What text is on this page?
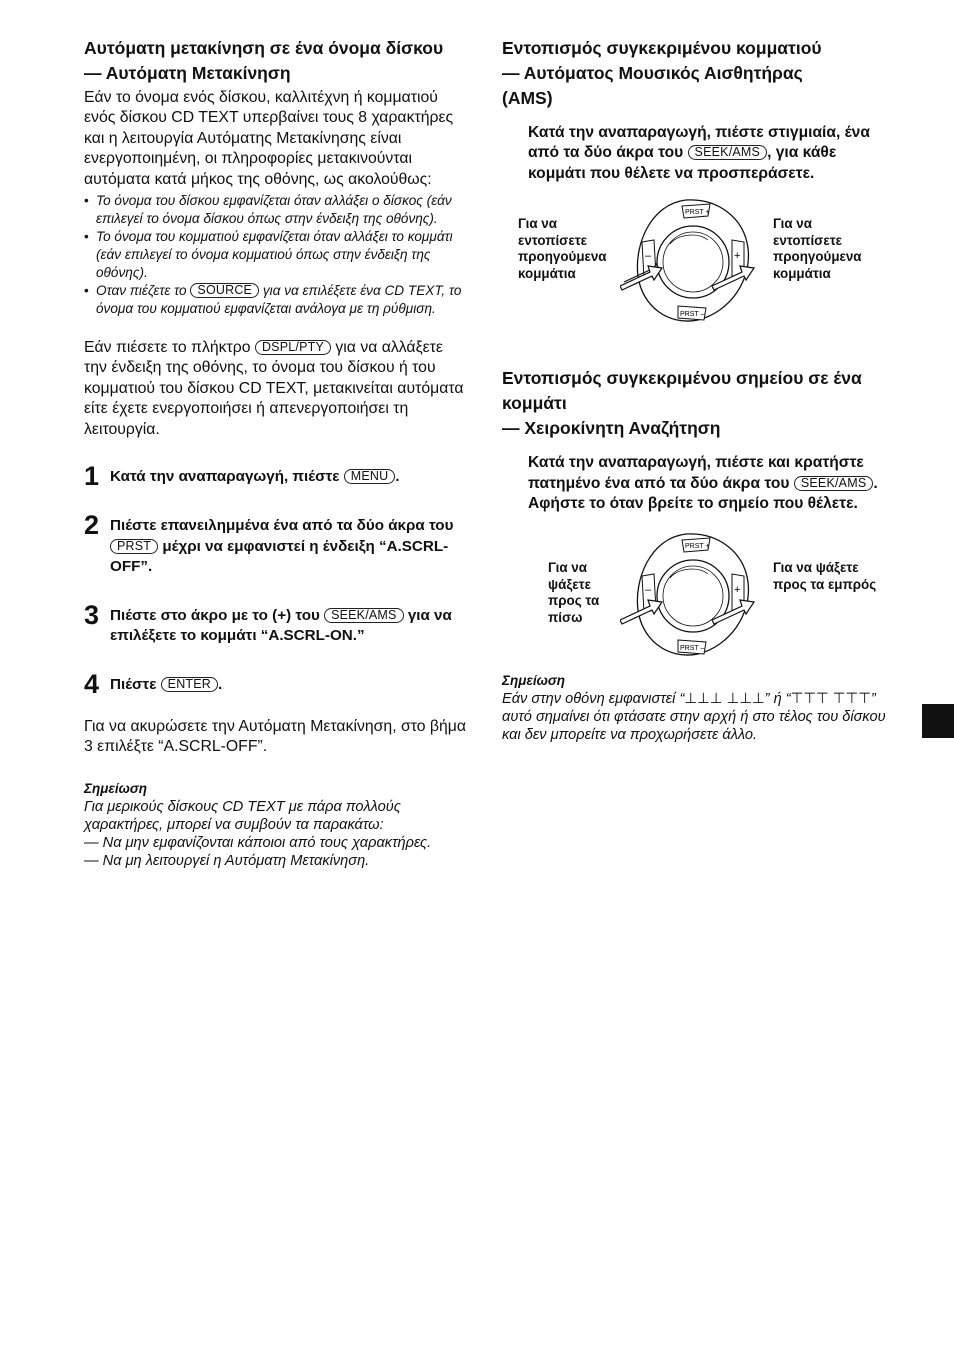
Αυτόματη μετακίνηση σε ένα όνομα δίσκου
— Αυτόματη Μετακίνηση

Εάν το όνομα ενός δίσκου, καλλιτέχνη ή κομματιού ενός δίσκου CD TEXT υπερβαίνει τους 8 χαρακτήρες και η λειτουργία Αυτόματης Μετακίνησης είναι ενεργοποιημένη, οι πληροφορίες μετακινούνται αυτόματα κατά μήκος της οθόνης, ως ακολούθως:

• Το όνομα του δίσκου εμφανίζεται όταν αλλάξει ο δίσκος (εάν επιλεγεί το όνομα δίσκου όπως στην ένδειξη της οθόνης).
• Το όνομα του κομματιού εμφανίζεται όταν αλλάξει το κομμάτι (εάν επιλεγεί το όνομα κομματιού όπως στην ένδειξη της οθόνης).
• Οταν πιέζετε το SOURCE για να επιλέξετε ένα CD TEXT, το όνομα του κομματιού εμφανίζεται ανάλογα με τη ρύθμιση.

Εάν πιέσετε το πλήκτρο DSPL/PTY για να αλλάξετε την ένδειξη της οθόνης, το όνομα του δίσκου ή του κομματιού του δίσκου CD TEXT, μετακινείται αυτόματα είτε έχετε ενεργοποιήσει ή απενεργοποιήσει τη λειτουργία.

1 Κατά την αναπαραγωγή, πιέστε MENU .
2 Πιέστε επανειλημμένα ένα από τα δύο άκρα του PRST μέχρι να εμφανιστεί η ένδειξη “A.SCRL-OFF”.
3 Πιέστε στο άκρο με το (+) του SEEK/AMS για να επιλέξετε το κομμάτι “A.SCRL-ON.”
4 Πιέστε ENTER .

Για να ακυρώσετε την Αυτόματη Μετακίνηση, στο βήμα 3 επιλέξτε “A.SCRL-OFF”.

Σημείωση
Για μερικούς δίσκους CD TEXT με πάρα πολλούς χαρακτήρες, μπορεί να συμβούν τα παρακάτω:
— Να μην εμφανίζονται κάποιοι από τους χαρακτήρες.
— Να μη λειτουργεί η Αυτόματη Μετακίνηση.
Εντοπισμός συγκεκριμένου κομματιού
— Αυτόματος Μουσικός Αισθητήρας
(AMS)
Κατά την αναπαραγωγή, πιέστε στιγμιαία, ένα από τα δύο άκρα του SEEK/AMS , για κάθε κομμάτι που θέλετε να προσπεράσετε.
Για να εντοπίσετε προηγούμενα κομμάτια
PRST +
PRST –
–	+
Για να εντοπίσετε προηγούμενα κομμάτια
Εντοπισμός συγκεκριμένου σημείου σε ένα κομμάτι
— Χειροκίνητη Αναζήτηση
Κατά την αναπαραγωγή, πιέστε και κρατήστε πατημένο ένα από τα δύο άκρα του SEEK/AMS . Αφήστε το όταν βρείτε το σημείο που θέλετε.
Για να ψάξετε προς τα πίσω
PRST +
PRST –
–	+
Για να ψάξετε προς τα εμπρός
Σημείωση
Εάν στην οθόνη εμφανιστεί “⊥⊥⊥ ⊥⊥⊥” ή “⊤⊤⊤ ⊤⊤⊤” αυτό σημαίνει ότι φτάσατε στην αρχή ή στο τέλος του δίσκου και δεν μπορείτε να προχωρήσετε άλλο.
